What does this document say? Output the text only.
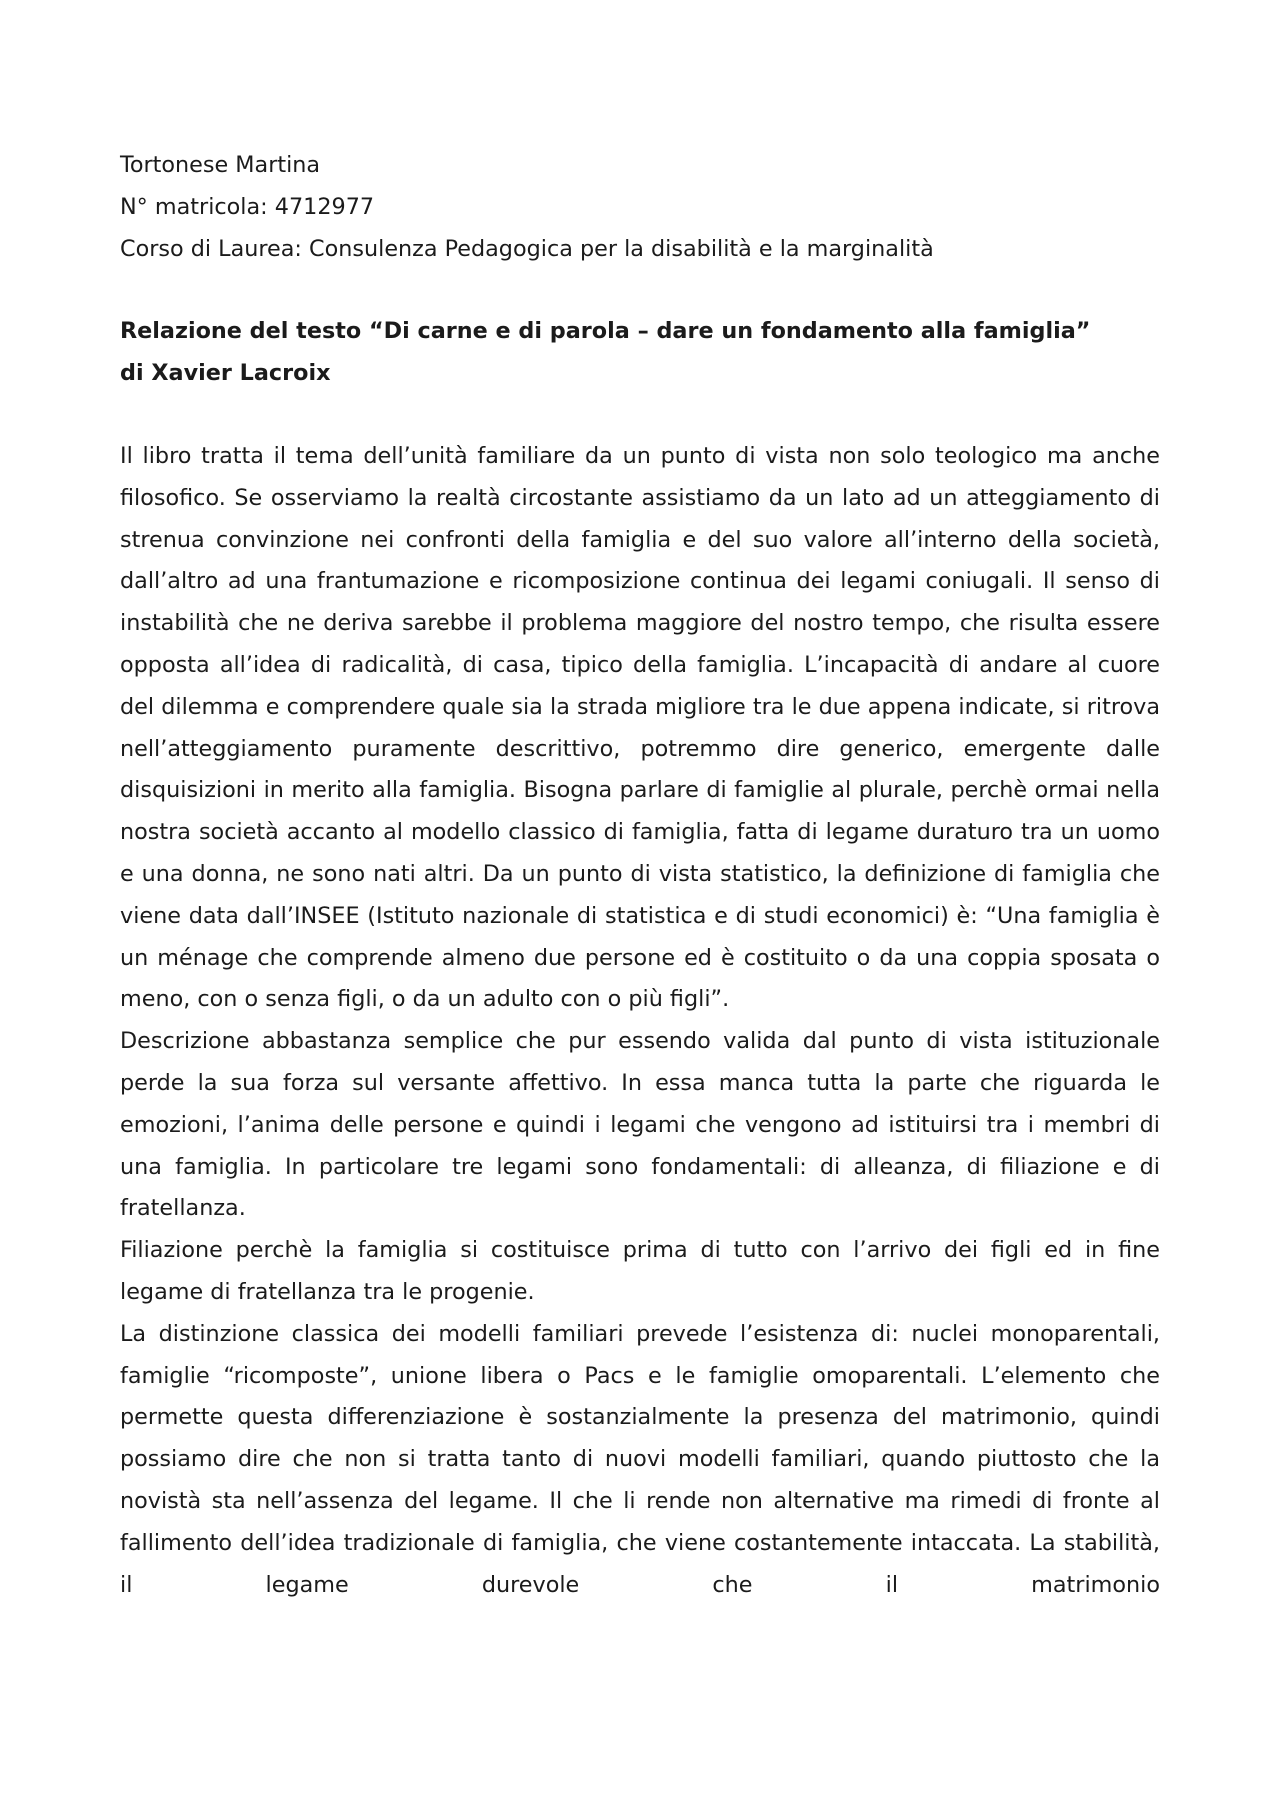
Tortonese Martina
N° matricola: 4712977
Corso di Laurea: Consulenza Pedagogica per la disabilità e la marginalità
Relazione del testo “Di carne e di parola – dare un fondamento alla famiglia”
di Xavier Lacroix

Il libro tratta il tema dell’unità familiare da un punto di vista non solo teologico ma anche filosofico. Se osserviamo la realtà circostante assistiamo da un lato ad un atteggiamento di strenua convinzione nei confronti della famiglia e del suo valore all’interno della società, dall’altro ad una frantumazione e ricomposizione continua dei legami coniugali. Il senso di instabilità che ne deriva sarebbe il problema maggiore del nostro tempo, che risulta essere opposta all’idea di radicalità, di casa, tipico della famiglia. L’incapacità di andare al cuore del dilemma e comprendere quale sia la strada migliore tra le due appena indicate, si ritrova nell’atteggiamento puramente descrittivo, potremmo dire generico, emergente dalle disquisizioni in merito alla famiglia. Bisogna parlare di famiglie al plurale, perchè ormai nella nostra società accanto al modello classico di famiglia, fatta di legame duraturo tra un uomo e una donna, ne sono nati altri. Da un punto di vista statistico, la definizione di famiglia che viene data dall’INSEE (Istituto nazionale di statistica e di studi economici) è: “Una famiglia è un ménage che comprende almeno due persone ed è costituito o da una coppia sposata o meno, con o senza figli, o da un adulto con o più figli”.

Descrizione abbastanza semplice che pur essendo valida dal punto di vista istituzionale perde la sua forza sul versante affettivo. In essa manca tutta la parte che riguarda le emozioni, l’anima delle persone e quindi i legami che vengono ad istituirsi tra i membri di una famiglia. In particolare tre legami sono fondamentali: di alleanza, di filiazione e di fratellanza.

Filiazione perchè la famiglia si costituisce prima di tutto con l’arrivo dei figli ed in fine legame di fratellanza tra le progenie.

La distinzione classica dei modelli familiari prevede l’esistenza di: nuclei monoparentali, famiglie “ricomposte”, unione libera o Pacs e le famiglie omoparentali. L’elemento che permette questa differenziazione è sostanzialmente la presenza del matrimonio, quindi possiamo dire che non si tratta tanto di nuovi modelli familiari, quando piuttosto che la novistà sta nell’assenza del legame. Il che li rende non alternative ma rimedi di fronte al fallimento dell’idea tradizionale di famiglia, che viene costantemente intaccata. La stabilità, il legame durevole che il matrimonio
